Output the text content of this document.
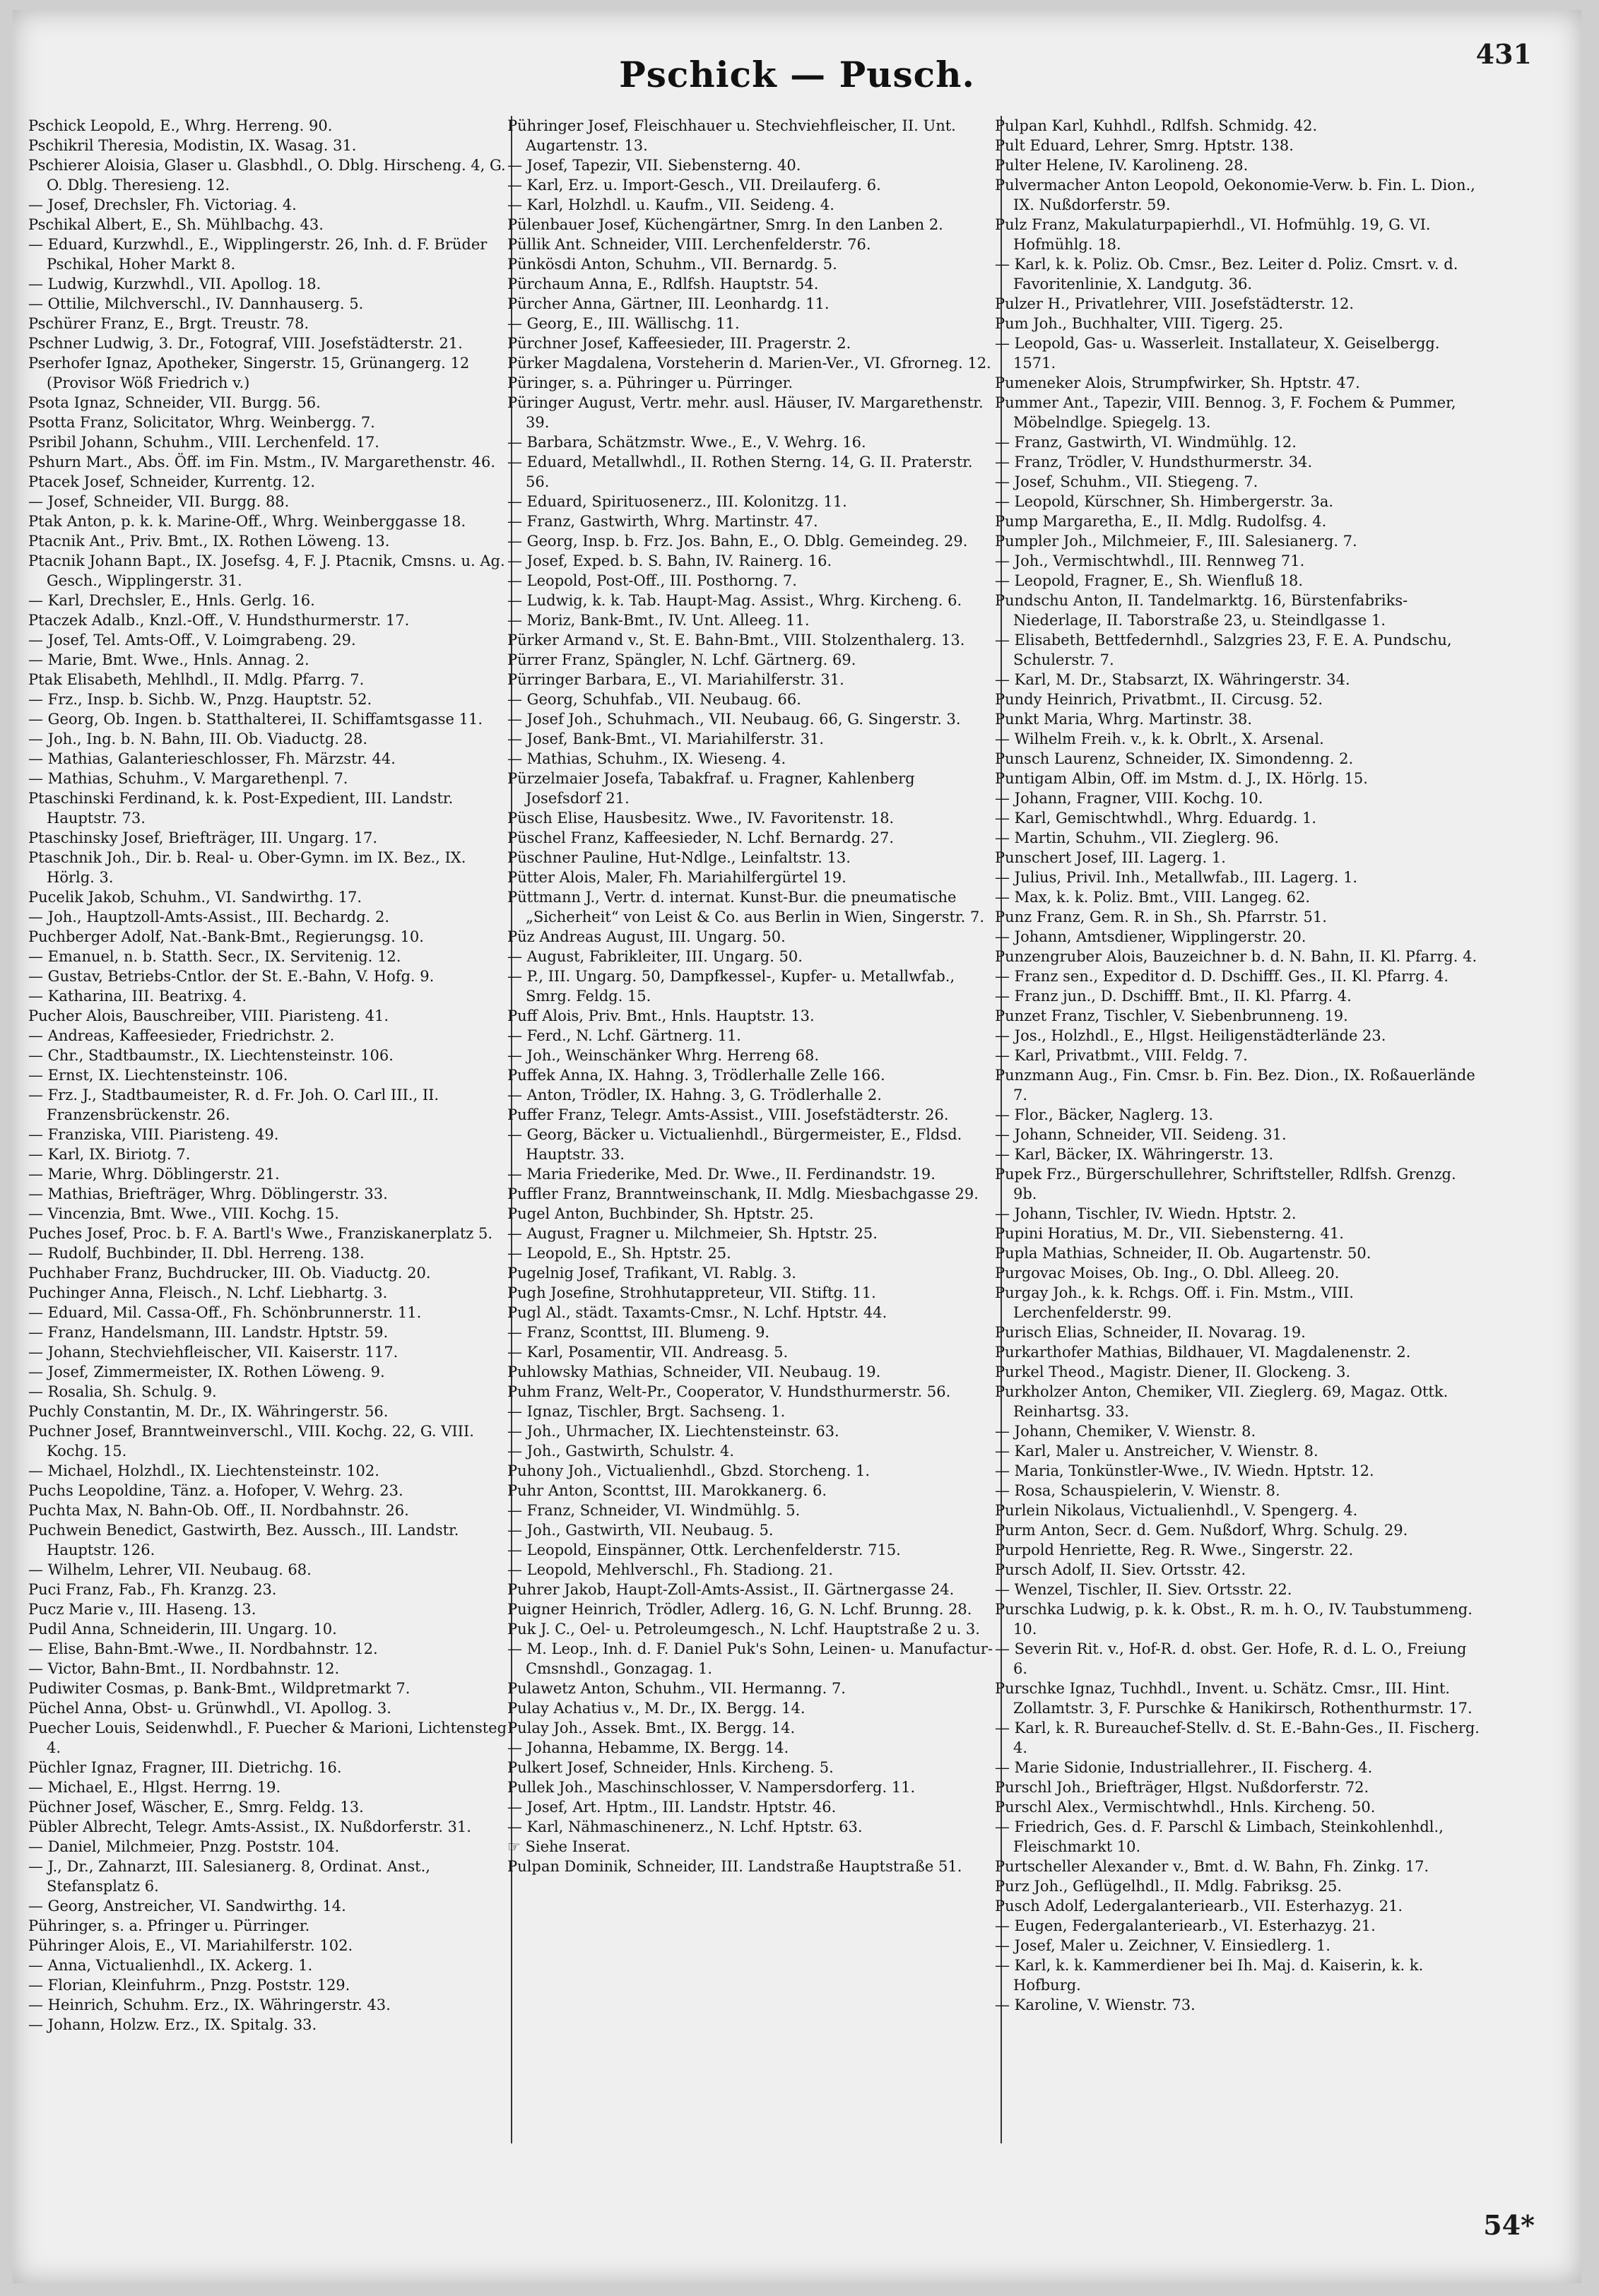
Pschick — Pusch.	431
Pschick Leopold, E., Whrg. Herreng. 90.
Pschikril Theresia, Modistin, IX. Wasag. 31.
Pschierer Aloisia, Glaser u. Glasbhdl., O. Dblg. Hirscheng. 4, G. O. Dblg. Theresieng. 12.
— Josef, Drechsler, Fh. Victoriag. 4.
Pschikal Albert, E., Sh. Mühlbachg. 43.
— Eduard, Kurzwhdl., E., Wipplingerstr. 26, Inh. d. F. Brüder Pschikal, Hoher Markt 8.
— Ludwig, Kurzwhdl., VII. Apollog. 18.
— Ottilie, Milchverschl., IV. Dannhauserg. 5.
Pschürer Franz, E., Brgt. Treustr. 78.
Pschner Ludwig, 3. Dr., Fotograf, VIII. Josefstädterstr. 21.
Pserhofer Ignaz, Apotheker, Singerstr. 15, Grünangerg. 12 (Provisor Wöß Friedrich v.)
Psota Ignaz, Schneider, VII. Burgg. 56.
Psotta Franz, Solicitator, Whrg. Weinbergg. 7.
Psribil Johann, Schuhm., VIII. Lerchenfeld. 17.
Pshurn Mart., Abs. Öff. im Fin. Mstm., IV. Margarethenstr. 46.
Ptacek Josef, Schneider, Kurrentg. 12.
— Josef, Schneider, VII. Burgg. 88.
Ptak Anton, p. k. k. Marine-Off., Whrg. Weinberggasse 18.
Ptacnik Ant., Priv. Bmt., IX. Rothen Löweng. 13.
Ptacnik Johann Bapt., IX. Josefsg. 4, F. J. Ptacnik, Cmsns. u. Ag. Gesch., Wipplingerstr. 31.
— Karl, Drechsler, E., Hnls. Gerlg. 16.
Ptaczek Adalb., Knzl.-Off., V. Hundsthurmerstr. 17.
— Josef, Tel. Amts-Off., V. Loimgrabeng. 29.
— Marie, Bmt. Wwe., Hnls. Annag. 2.
Ptak Elisabeth, Mehlhdl., II. Mdlg. Pfarrg. 7.
— Frz., Insp. b. Sichb. W., Pnzg. Hauptstr. 52.
— Georg, Ob. Ingen. b. Statthalterei, II. Schiffamtsgasse 11.
— Joh., Ing. b. N. Bahn, III. Ob. Viaductg. 28.
— Mathias, Galanterieschlosser, Fh. Märzstr. 44.
— Mathias, Schuhm., V. Margarethenpl. 7.
Ptaschinski Ferdinand, k. k. Post-Expedient, III. Landstr. Hauptstr. 73.
Ptaschinsky Josef, Briefträger, III. Ungarg. 17.
Ptaschnik Joh., Dir. b. Real- u. Ober-Gymn. im IX. Bez., IX. Hörlg. 3.
Pucelik Jakob, Schuhm., VI. Sandwirthg. 17.
— Joh., Hauptzoll-Amts-Assist., III. Bechardg. 2.
Puchberger Adolf, Nat.-Bank-Bmt., Regierungsg. 10.
— Emanuel, n. b. Statth. Secr., IX. Servitenig. 12.
— Gustav, Betriebs-Cntlor. der St. E.-Bahn, V. Hofg. 9.
— Katharina, III. Beatrixg. 4.
Pucher Alois, Bauschreiber, VIII. Piaristeng. 41.
— Andreas, Kaffeesieder, Friedrichstr. 2.
— Chr., Stadtbaumstr., IX. Liechtensteinstr. 106.
— Ernst, IX. Liechtensteinstr. 106.
— Frz. J., Stadtbaumeister, R. d. Fr. Joh. O. Carl III., II. Franzensbrückenstr. 26.
— Franziska, VIII. Piaristeng. 49.
— Karl, IX. Biriotg. 7.
— Marie, Whrg. Döblingerstr. 21.
— Mathias, Briefträger, Whrg. Döblingerstr. 33.
— Vincenzia, Bmt. Wwe., VIII. Kochg. 15.
Puches Josef, Proc. b. F. A. Bartl's Wwe., Franziskanerplatz 5.
— Rudolf, Buchbinder, II. Dbl. Herreng. 138.
Puchhaber Franz, Buchdrucker, III. Ob. Viaductg. 20.
Puchinger Anna, Fleisch., N. Lchf. Liebhartg. 3.
— Eduard, Mil. Cassa-Off., Fh. Schönbrunnerstr. 11.
— Franz, Handelsmann, III. Landstr. Hptstr. 59.
— Johann, Stechviehfleischer, VII. Kaiserstr. 117.
— Josef, Zimmermeister, IX. Rothen Löweng. 9.
— Rosalia, Sh. Schulg. 9.
Puchly Constantin, M. Dr., IX. Währingerstr. 56.
Puchner Josef, Branntweinverschl., VIII. Kochg. 22, G. VIII. Kochg. 15.
— Michael, Holzhdl., IX. Liechtensteinstr. 102.
Puchs Leopoldine, Tänz. a. Hofoper, V. Wehrg. 23.
Puchta Max, N. Bahn-Ob. Off., II. Nordbahnstr. 26.
Puchwein Benedict, Gastwirth, Bez. Aussch., III. Landstr. Hauptstr. 126.
— Wilhelm, Lehrer, VII. Neubaug. 68.
Puci Franz, Fab., Fh. Kranzg. 23.
Pucz Marie v., III. Haseng. 13.
Pudil Anna, Schneiderin, III. Ungarg. 10.
— Elise, Bahn-Bmt.-Wwe., II. Nordbahnstr. 12.
— Victor, Bahn-Bmt., II. Nordbahnstr. 12.
Pudiwiter Cosmas, p. Bank-Bmt., Wildpretmarkt 7.
Püchel Anna, Obst- u. Grünwhdl., VI. Apollog. 3.
Puecher Louis, Seidenwhdl., F. Puecher & Marioni, Lichtensteg 4.
Püchler Ignaz, Fragner, III. Dietrichg. 16.
— Michael, E., Hlgst. Herrng. 19.
Püchner Josef, Wäscher, E., Smrg. Feldg. 13.
Pübler Albrecht, Telegr. Amts-Assist., IX. Nußdorferstr. 31.
— Daniel, Milchmeier, Pnzg. Poststr. 104.
— J., Dr., Zahnarzt, III. Salesianerg. 8, Ordinat. Anst., Stefansplatz 6.
— Georg, Anstreicher, VI. Sandwirthg. 14.
Pühringer, s. a. Pfringer u. Pürringer.
Pühringer Alois, E., VI. Mariahilferstr. 102.
— Anna, Victualienhdl., IX. Ackerg. 1.
— Florian, Kleinfuhrm., Pnzg. Poststr. 129.
— Heinrich, Schuhm. Erz., IX. Währingerstr. 43.
— Johann, Holzw. Erz., IX. Spitalg. 33.
Pühringer Josef, Fleischhauer u. Stechviehfleischer, II. Unt. Augartenstr. 13.
— Josef, Tapezir, VII. Siebensterng. 40.
— Karl, Erz. u. Import-Gesch., VII. Dreilauferg. 6.
— Karl, Holzhdl. u. Kaufm., VII. Seideng. 4.
Pülenbauer Josef, Küchengärtner, Smrg. In den Lanben 2.
Püllik Ant. Schneider, VIII. Lerchenfelderstr. 76.
Pünkösdi Anton, Schuhm., VII. Bernardg. 5.
Pürchaum Anna, E., Rdlfsh. Hauptstr. 54.
Pürcher Anna, Gärtner, III. Leonhardg. 11.
— Georg, E., III. Wällischg. 11.
Pürchner Josef, Kaffeesieder, III. Pragerstr. 2.
Pürker Magdalena, Vorsteherin d. Marien-Ver., VI. Gfrorneg. 12.
Püringer, s. a. Pühringer u. Pürringer.
Püringer August, Vertr. mehr. ausl. Häuser, IV. Margarethenstr. 39.
— Barbara, Schätzmstr. Wwe., E., V. Wehrg. 16.
— Eduard, Metallwhdl., II. Rothen Sterng. 14, G. II. Praterstr. 56.
— Eduard, Spirituosenerz., III. Kolonitzg. 11.
— Franz, Gastwirth, Whrg. Martinstr. 47.
— Georg, Insp. b. Frz. Jos. Bahn, E., O. Dblg. Gemeindeg. 29.
— Josef, Exped. b. S. Bahn, IV. Rainerg. 16.
— Leopold, Post-Off., III. Posthorng. 7.
— Ludwig, k. k. Tab. Haupt-Mag. Assist., Whrg. Kircheng. 6.
— Moriz, Bank-Bmt., IV. Unt. Alleeg. 11.
Pürker Armand v., St. E. Bahn-Bmt., VIII. Stolzenthalerg. 13.
Pürrer Franz, Spängler, N. Lchf. Gärtnerg. 69.
Pürringer Barbara, E., VI. Mariahilferstr. 31.
— Georg, Schuhfab., VII. Neubaug. 66.
— Josef Joh., Schuhmach., VII. Neubaug. 66, G. Singerstr. 3.
— Josef, Bank-Bmt., VI. Mariahilferstr. 31.
— Mathias, Schuhm., IX. Wieseng. 4.
Pürzelmaier Josefa, Tabakfraf. u. Fragner, Kahlenberg Josefsdorf 21.
Püsch Elise, Hausbesitz. Wwe., IV. Favoritenstr. 18.
Püschel Franz, Kaffeesieder, N. Lchf. Bernardg. 27.
Püschner Pauline, Hut-Ndlge., Leinfaltstr. 13.
Pütter Alois, Maler, Fh. Mariahilfergürtel 19.
Püttmann J., Vertr. d. internat. Kunst-Bur. die pneumatische „Sicherheit“ von Leist & Co. aus Berlin in Wien, Singerstr. 7.
Püz Andreas August, III. Ungarg. 50.
— August, Fabrikleiter, III. Ungarg. 50.
— P., III. Ungarg. 50, Dampfkessel-, Kupfer- u. Metallwfab., Smrg. Feldg. 15.
Puff Alois, Priv. Bmt., Hnls. Hauptstr. 13.
— Ferd., N. Lchf. Gärtnerg. 11.
— Joh., Weinschänker Whrg. Herreng 68.
Puffek Anna, IX. Hahng. 3, Trödlerhalle Zelle 166.
— Anton, Trödler, IX. Hahng. 3, G. Trödlerhalle 2.
Puffer Franz, Telegr. Amts-Assist., VIII. Josefstädterstr. 26.
— Georg, Bäcker u. Victualienhdl., Bürgermeister, E., Fldsd. Hauptstr. 33.
— Maria Friederike, Med. Dr. Wwe., II. Ferdinandstr. 19.
Puffler Franz, Branntweinschank, II. Mdlg. Miesbachgasse 29.
Pugel Anton, Buchbinder, Sh. Hptstr. 25.
— August, Fragner u. Milchmeier, Sh. Hptstr. 25.
— Leopold, E., Sh. Hptstr. 25.
Pugelnig Josef, Trafikant, VI. Rablg. 3.
Pugh Josefine, Strohhutappreteur, VII. Stiftg. 11.
Pugl Al., städt. Taxamts-Cmsr., N. Lchf. Hptstr. 44.
— Franz, Sconttst, III. Blumeng. 9.
— Karl, Posamentir, VII. Andreasg. 5.
Puhlowsky Mathias, Schneider, VII. Neubaug. 19.
Puhm Franz, Welt-Pr., Cooperator, V. Hundsthurmerstr. 56.
— Ignaz, Tischler, Brgt. Sachseng. 1.
— Joh., Uhrmacher, IX. Liechtensteinstr. 63.
— Joh., Gastwirth, Schulstr. 4.
Puhony Joh., Victualienhdl., Gbzd. Storcheng. 1.
Puhr Anton, Sconttst, III. Marokkanerg. 6.
— Franz, Schneider, VI. Windmühlg. 5.
— Joh., Gastwirth, VII. Neubaug. 5.
— Leopold, Einspänner, Ottk. Lerchenfelderstr. 715.
— Leopold, Mehlverschl., Fh. Stadiong. 21.
Puhrer Jakob, Haupt-Zoll-Amts-Assist., II. Gärtnergasse 24.
Puigner Heinrich, Trödler, Adlerg. 16, G. N. Lchf. Brunng. 28.
Puk J. C., Oel- u. Petroleumgesch., N. Lchf. Hauptstraße 2 u. 3.
— M. Leop., Inh. d. F. Daniel Puk's Sohn, Leinen- u. Manufactur-Cmsnshdl., Gonzagag. 1.
Pulawetz Anton, Schuhm., VII. Hermanng. 7.
Pulay Achatius v., M. Dr., IX. Bergg. 14.
Pulay Joh., Assek. Bmt., IX. Bergg. 14.
— Johanna, Hebamme, IX. Bergg. 14.
Pulkert Josef, Schneider, Hnls. Kircheng. 5.
Pullek Joh., Maschinschlosser, V. Nampersdorferg. 11.
— Josef, Art. Hptm., III. Landstr. Hptstr. 46.
— Karl, Nähmaschinenerz., N. Lchf. Hptstr. 63.
☞ Siehe Inserat.
Pulpan Dominik, Schneider, III. Landstraße Hauptstraße 51.
Pulpan Karl, Kuhhdl., Rdlfsh. Schmidg. 42.
Pult Eduard, Lehrer, Smrg. Hptstr. 138.
Pulter Helene, IV. Karolineng. 28.
Pulvermacher Anton Leopold, Oekonomie-Verw. b. Fin. L. Dion., IX. Nußdorferstr. 59.
Pulz Franz, Makulaturpapierhdl., VI. Hofmühlg. 19, G. VI. Hofmühlg. 18.
— Karl, k. k. Poliz. Ob. Cmsr., Bez. Leiter d. Poliz. Cmsrt. v. d. Favoritenlinie, X. Landgutg. 36.
Pulzer H., Privatlehrer, VIII. Josefstädterstr. 12.
Pum Joh., Buchhalter, VIII. Tigerg. 25.
— Leopold, Gas- u. Wasserleit. Installateur, X. Geiselbergg. 1571.
Pumeneker Alois, Strumpfwirker, Sh. Hptstr. 47.
Pummer Ant., Tapezir, VIII. Bennog. 3, F. Fochem & Pummer, Möbelndlge. Spiegelg. 13.
— Franz, Gastwirth, VI. Windmühlg. 12.
— Franz, Trödler, V. Hundsthurmerstr. 34.
— Josef, Schuhm., VII. Stiegeng. 7.
— Leopold, Kürschner, Sh. Himbergerstr. 3a.
Pump Margaretha, E., II. Mdlg. Rudolfsg. 4.
Pumpler Joh., Milchmeier, F., III. Salesianerg. 7.
— Joh., Vermischtwhdl., III. Rennweg 71.
— Leopold, Fragner, E., Sh. Wienfluß 18.
Pundschu Anton, II. Tandelmarktg. 16, Bürstenfabriks-Niederlage, II. Taborstraße 23, u. Steindlgasse 1.
— Elisabeth, Bettfedernhdl., Salzgries 23, F. E. A. Pundschu, Schulerstr. 7.
— Karl, M. Dr., Stabsarzt, IX. Währingerstr. 34.
Pundy Heinrich, Privatbmt., II. Circusg. 52.
Punkt Maria, Whrg. Martinstr. 38.
— Wilhelm Freih. v., k. k. Obrlt., X. Arsenal.
Punsch Laurenz, Schneider, IX. Simondenng. 2.
Puntigam Albin, Off. im Mstm. d. J., IX. Hörlg. 15.
— Johann, Fragner, VIII. Kochg. 10.
— Karl, Gemischtwhdl., Whrg. Eduardg. 1.
— Martin, Schuhm., VII. Zieglerg. 96.
Punschert Josef, III. Lagerg. 1.
— Julius, Privil. Inh., Metallwfab., III. Lagerg. 1.
— Max, k. k. Poliz. Bmt., VIII. Langeg. 62.
Punz Franz, Gem. R. in Sh., Sh. Pfarrstr. 51.
— Johann, Amtsdiener, Wipplingerstr. 20.
Punzengruber Alois, Bauzeichner b. d. N. Bahn, II. Kl. Pfarrg. 4.
— Franz sen., Expeditor d. D. Dschifff. Ges., II. Kl. Pfarrg. 4.
— Franz jun., D. Dschifff. Bmt., II. Kl. Pfarrg. 4.
Punzet Franz, Tischler, V. Siebenbrunneng. 19.
— Jos., Holzhdl., E., Hlgst. Heiligenstädterlände 23.
— Karl, Privatbmt., VIII. Feldg. 7.
Punzmann Aug., Fin. Cmsr. b. Fin. Bez. Dion., IX. Roßauerlände 7.
— Flor., Bäcker, Naglerg. 13.
— Johann, Schneider, VII. Seideng. 31.
— Karl, Bäcker, IX. Währingerstr. 13.
Pupek Frz., Bürgerschullehrer, Schriftsteller, Rdlfsh. Grenzg. 9b.
— Johann, Tischler, IV. Wiedn. Hptstr. 2.
Pupini Horatius, M. Dr., VII. Siebensterng. 41.
Pupla Mathias, Schneider, II. Ob. Augartenstr. 50.
Purgovac Moises, Ob. Ing., O. Dbl. Alleeg. 20.
Purgay Joh., k. k. Rchgs. Off. i. Fin. Mstm., VIII. Lerchenfelderstr. 99.
Purisch Elias, Schneider, II. Novarag. 19.
Purkarthofer Mathias, Bildhauer, VI. Magdalenenstr. 2.
Purkel Theod., Magistr. Diener, II. Glockeng. 3.
Purkholzer Anton, Chemiker, VII. Zieglerg. 69, Magaz. Ottk. Reinhartsg. 33.
— Johann, Chemiker, V. Wienstr. 8.
— Karl, Maler u. Anstreicher, V. Wienstr. 8.
— Maria, Tonkünstler-Wwe., IV. Wiedn. Hptstr. 12.
— Rosa, Schauspielerin, V. Wienstr. 8.
Purlein Nikolaus, Victualienhdl., V. Spengerg. 4.
Purm Anton, Secr. d. Gem. Nußdorf, Whrg. Schulg. 29.
Purpold Henriette, Reg. R. Wwe., Singerstr. 22.
Pursch Adolf, II. Siev. Ortsstr. 42.
— Wenzel, Tischler, II. Siev. Ortsstr. 22.
Purschka Ludwig, p. k. k. Obst., R. m. h. O., IV. Taubstummeng. 10.
— Severin Rit. v., Hof-R. d. obst. Ger. Hofe, R. d. L. O., Freiung 6.
Purschke Ignaz, Tuchhdl., Invent. u. Schätz. Cmsr., III. Hint. Zollamtstr. 3, F. Purschke & Hanikirsch, Rothenthurmstr. 17.
— Karl, k. R. Bureauchef-Stellv. d. St. E.-Bahn-Ges., II. Fischerg. 4.
— Marie Sidonie, Industriallehrer., II. Fischerg. 4.
Purschl Joh., Briefträger, Hlgst. Nußdorferstr. 72.
Purschl Alex., Vermischtwhdl., Hnls. Kircheng. 50.
— Friedrich, Ges. d. F. Parschl & Limbach, Steinkohlenhdl., Fleischmarkt 10.
Purtscheller Alexander v., Bmt. d. W. Bahn, Fh. Zinkg. 17.
Purz Joh., Geflügelhdl., II. Mdlg. Fabriksg. 25.
Pusch Adolf, Ledergalanteriearb., VII. Esterhazyg. 21.
— Eugen, Federgalanteriearb., VI. Esterhazyg. 21.
— Josef, Maler u. Zeichner, V. Einsiedlerg. 1.
— Karl, k. k. Kammerdiener bei Ih. Maj. d. Kaiserin, k. k. Hofburg.
— Karoline, V. Wienstr. 73.
54*
